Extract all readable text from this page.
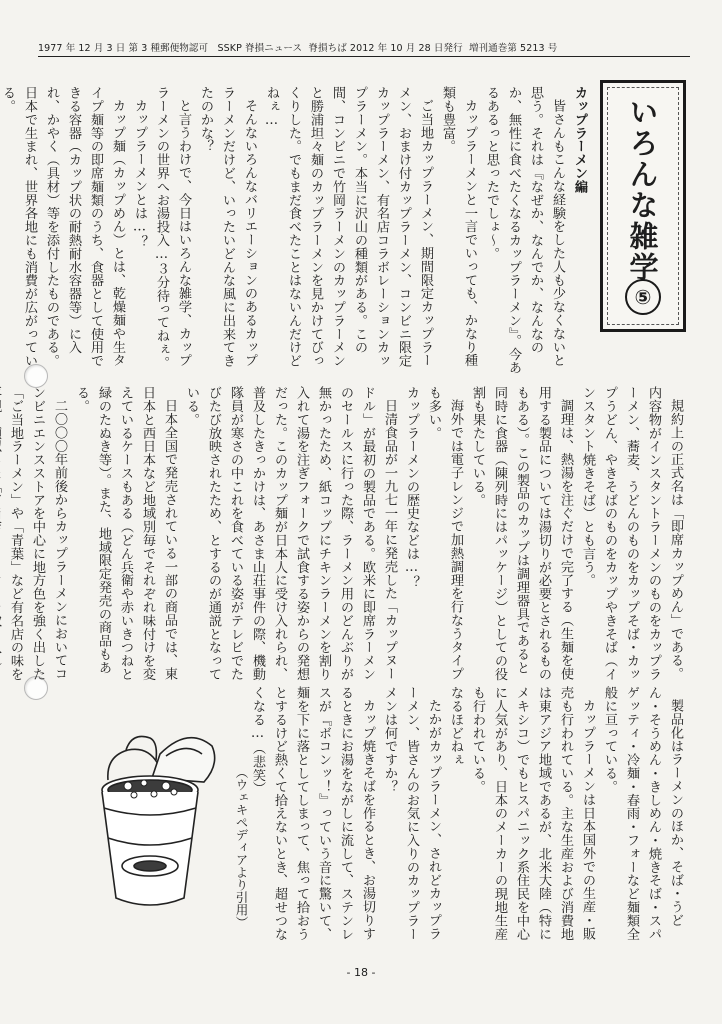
1977 年 12 月 3 日 第 3 種郵便物認可 SSKP 脊損ニュース 脊損ちば 2012 年 10 月 28 日発行 増刊通巻第 5213 号
いろんな雑学
⑤

カップラーメン編

皆さんもこんな経験をした人も少なくないと思う。それは『なぜか、なんでか、なんなのか、無性に食べたくなるカップラーメン』。今あるあるっと思ったでしょ～。

カップラーメンと一言でいっても、かなり種類も豊富。

ご当地カップラーメン、期間限定カップラーメン、おまけ付カップラーメン、コンビニ限定カップラーメン、有名店コラボレーションカップラーメン。本当に沢山の種類がある。この間、コンビニで竹岡ラーメンのカップラーメンと勝浦坦々麺のカップラーメンを見かけてびっくりした。でもまだ食べたことはないんだけどねぇ…

そんないろんなバリエーションのあるカップラーメンだけど、いったいどんな風に出来てきたのかな？

と言うわけで、今日はいろんな雑学、カップラーメンの世界へお湯投入…３分待ってねぇ。

カップラーメンとは…？

カップ麺（カップめん）とは、乾燥麺や生タイプ麺等の即席麺類のうち、食器として使用できる容器（カップ状の耐熱耐水容器等）に入れ、かやく（具材）等を添付したものである。日本で生まれ、世界各地にも消費が広がっている。

規約上の正式名は「即席カップめん」である。内容物がインスタントラーメンのものをカップラーメン、蕎麦、うどんのものをカップそば・カップうどん、やきそばのものをカップやきそば（インスタント焼きそば）とも言う。

調理は、熱湯を注ぐだけで完了する（生麺を使用する製品については湯切りが必要とされるものもある）。この製品のカップは調理器具であると同時に食器（陳列時にはパッケージ）としての役割も果たしている。

海外では電子レンジで加熱調理を行なうタイプも多い。

カップラーメンの歴史などは…？

日清食品が一九七一年に発売した「カップヌードル」が最初の製品である。欧米に即席ラーメンのセールスに行った際、ラーメン用のどんぶりが無かったため、紙コップにチキンラーメンを割り入れて湯を注ぎフォークで試食する姿からの発想だった。このカップ麺が日本人に受け入れられ、普及したきっかけは、あさま山荘事件の際、機動隊員が寒さの中これを食べている姿がテレビでたびたび放映されたため、とするのが通説となっている。

日本全国で発売されている一部の商品では、東日本と西日本など地域別毎でそれぞれ味付けを変えているケースもある（どん兵衛や赤いきつねと緑のたぬき等）。また、地域限定発売の商品もある。

二〇〇〇年前後からカップラーメンにおいてコンビニエンスストアを中心に地方色を強く出した「ご当地ラーメン」や「青葉」など有名店の味を

製品化はラーメンのほか、そば・うどん・そうめん・きしめん・焼きそば・スパゲッティ・冷麺・春雨・フォーなど麺類全般に亘っている。

カップラーメンは日本国外での生産・販売も行われている。主な生産および消費地は東アジア地域であるが、北米大陸（特にメキシコ）でもヒスパニック系住民を中心に人気があり、日本のメーカーの現地生産も行われている。

なるほどねぇ

たかがカップラーメン、されどカップラーメン、皆さんのお気に入りのカップラーメンは何ですか？

カップ焼きそばを作るとき、お湯切りするときにお湯をながしに流して、ステンレスが『ボコンッ！』っていう音に驚いて、麺を下に落としてしまって、焦って拾おうとするけど熱くて拾えないとき、超せつなくなる…（悲笑）

（ウェキペディアより引用）
- 18 -
